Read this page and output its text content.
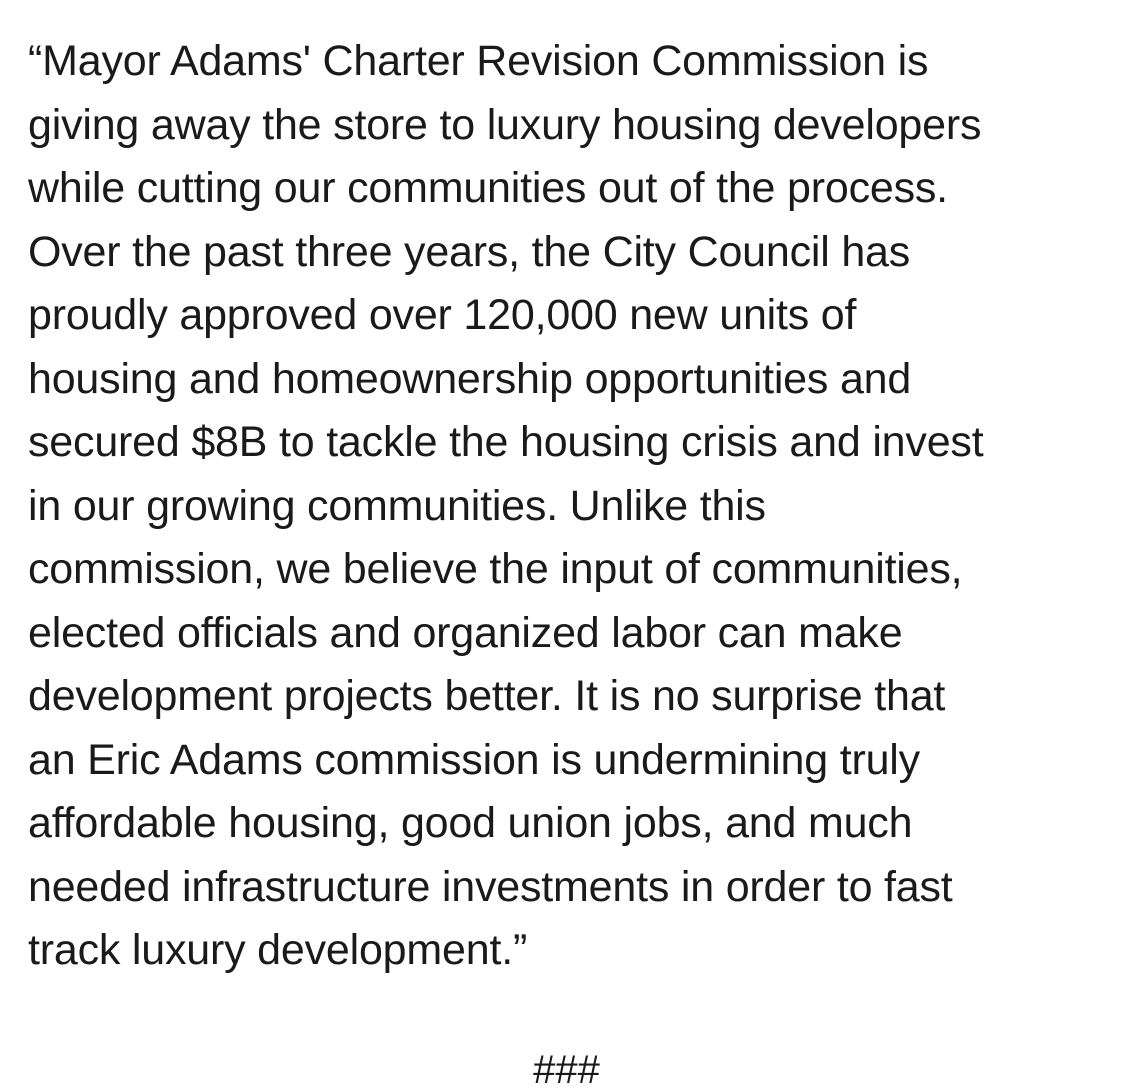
“Mayor Adams' Charter Revision Commission is
giving away the store to luxury housing developers
while cutting our communities out of the process.
Over the past three years, the City Council has
proudly approved over 120,000 new units of
housing and homeownership opportunities and
secured $8B to tackle the housing crisis and invest
in our growing communities. Unlike this
commission, we believe the input of communities,
elected officials and organized labor can make
development projects better. It is no surprise that
an Eric Adams commission is undermining truly
affordable housing, good union jobs, and much
needed infrastructure investments in order to fast
track luxury development.”

###
